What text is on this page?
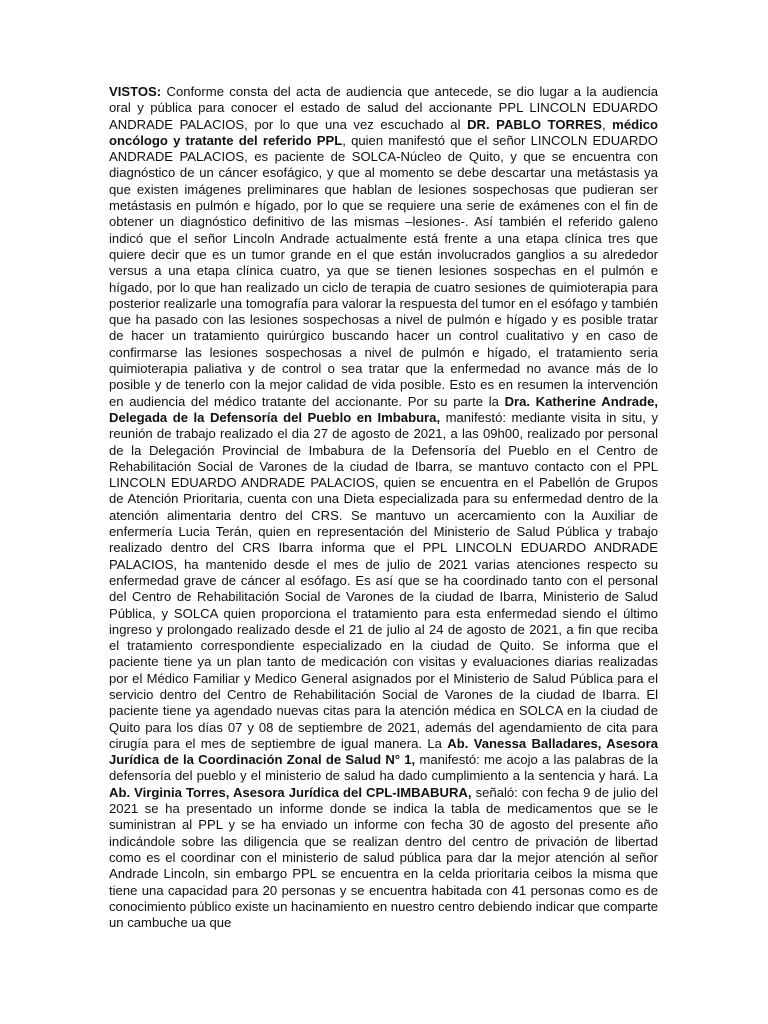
VISTOS: Conforme consta del acta de audiencia que antecede, se dio lugar a la audiencia oral y pública para conocer el estado de salud del accionante PPL LINCOLN EDUARDO ANDRADE PALACIOS, por lo que una vez escuchado al DR. PABLO TORRES, médico oncólogo y tratante del referido PPL, quien manifestó que el señor LINCOLN EDUARDO ANDRADE PALACIOS, es paciente de SOLCA-Núcleo de Quito, y que se encuentra con diagnóstico de un cáncer esofágico, y que al momento se debe descartar una metástasis ya que existen imágenes preliminares que hablan de lesiones sospechosas que pudieran ser metástasis en pulmón e hígado, por lo que se requiere una serie de exámenes con el fin de obtener un diagnóstico definitivo de las mismas –lesiones-. Así también el referido galeno indicó que el señor Lincoln Andrade actualmente está frente a una etapa clínica tres que quiere decir que es un tumor grande en el que están involucrados ganglios a su alrededor versus a una etapa clínica cuatro, ya que se tienen lesiones sospechas en el pulmón e hígado, por lo que han realizado un ciclo de terapia de cuatro sesiones de quimioterapia para posterior realizarle una tomografía para valorar la respuesta del tumor en el esófago y también que ha pasado con las lesiones sospechosas a nivel de pulmón e hígado y es posible tratar de hacer un tratamiento quirúrgico buscando hacer un control cualitativo y en caso de confirmarse las lesiones sospechosas a nivel de pulmón e hígado, el tratamiento seria quimioterapia paliativa y de control o sea tratar que la enfermedad no avance más de lo posible y de tenerlo con la mejor calidad de vida posible. Esto es en resumen la intervención en audiencia del médico tratante del accionante. Por su parte la Dra. Katherine Andrade, Delegada de la Defensoría del Pueblo en Imbabura, manifestó: mediante visita in situ, y reunión de trabajo realizado el dia 27 de agosto de 2021, a las 09h00, realizado por personal de la Delegación Provincial de Imbabura de la Defensoría del Pueblo en el Centro de Rehabilitación Social de Varones de la ciudad de Ibarra, se mantuvo contacto con el PPL LINCOLN EDUARDO ANDRADE PALACIOS, quien se encuentra en el Pabellón de Grupos de Atención Prioritaria, cuenta con una Dieta especializada para su enfermedad dentro de la atención alimentaria dentro del CRS. Se mantuvo un acercamiento con la Auxiliar de enfermería Lucia Terán, quien en representación del Ministerio de Salud Pública y trabajo realizado dentro del CRS Ibarra informa que el PPL LINCOLN EDUARDO ANDRADE PALACIOS, ha mantenido desde el mes de julio de 2021 varias atenciones respecto su enfermedad grave de cáncer al esófago. Es así que se ha coordinado tanto con el personal del Centro de Rehabilitación Social de Varones de la ciudad de Ibarra, Ministerio de Salud Pública, y SOLCA quien proporciona el tratamiento para esta enfermedad siendo el último ingreso y prolongado realizado desde el 21 de julio al 24 de agosto de 2021, a fin que reciba el tratamiento correspondiente especializado en la ciudad de Quito. Se informa que el paciente tiene ya un plan tanto de medicación con visitas y evaluaciones diarias realizadas por el Médico Familiar y Medico General asignados por el Ministerio de Salud Pública para el servicio dentro del Centro de Rehabilitación Social de Varones de la ciudad de Ibarra. El paciente tiene ya agendado nuevas citas para la atención médica en SOLCA en la ciudad de Quito para los días 07 y 08 de septiembre de 2021, además del agendamiento de cita para cirugía para el mes de septiembre de igual manera. La Ab. Vanessa Balladares, Asesora Jurídica de la Coordinación Zonal de Salud N° 1, manifestó: me acojo a las palabras de la defensoría del pueblo y el ministerio de salud ha dado cumplimiento a la sentencia y hará. La Ab. Virginia Torres, Asesora Jurídica del CPL-IMBABURA, señaló: con fecha 9 de julio del 2021 se ha presentado un informe donde se indica la tabla de medicamentos que se le suministran al PPL y se ha enviado un informe con fecha 30 de agosto del presente año indicándole sobre las diligencia que se realizan dentro del centro de privación de libertad como es el coordinar con el ministerio de salud pública para dar la mejor atención al señor Andrade Lincoln, sin embargo PPL se encuentra en la celda prioritaria ceibos la misma que tiene una capacidad para 20 personas y se encuentra habitada con 41 personas como es de conocimiento público existe un hacinamiento en nuestro centro debiendo indicar que comparte un cambuche ua que
